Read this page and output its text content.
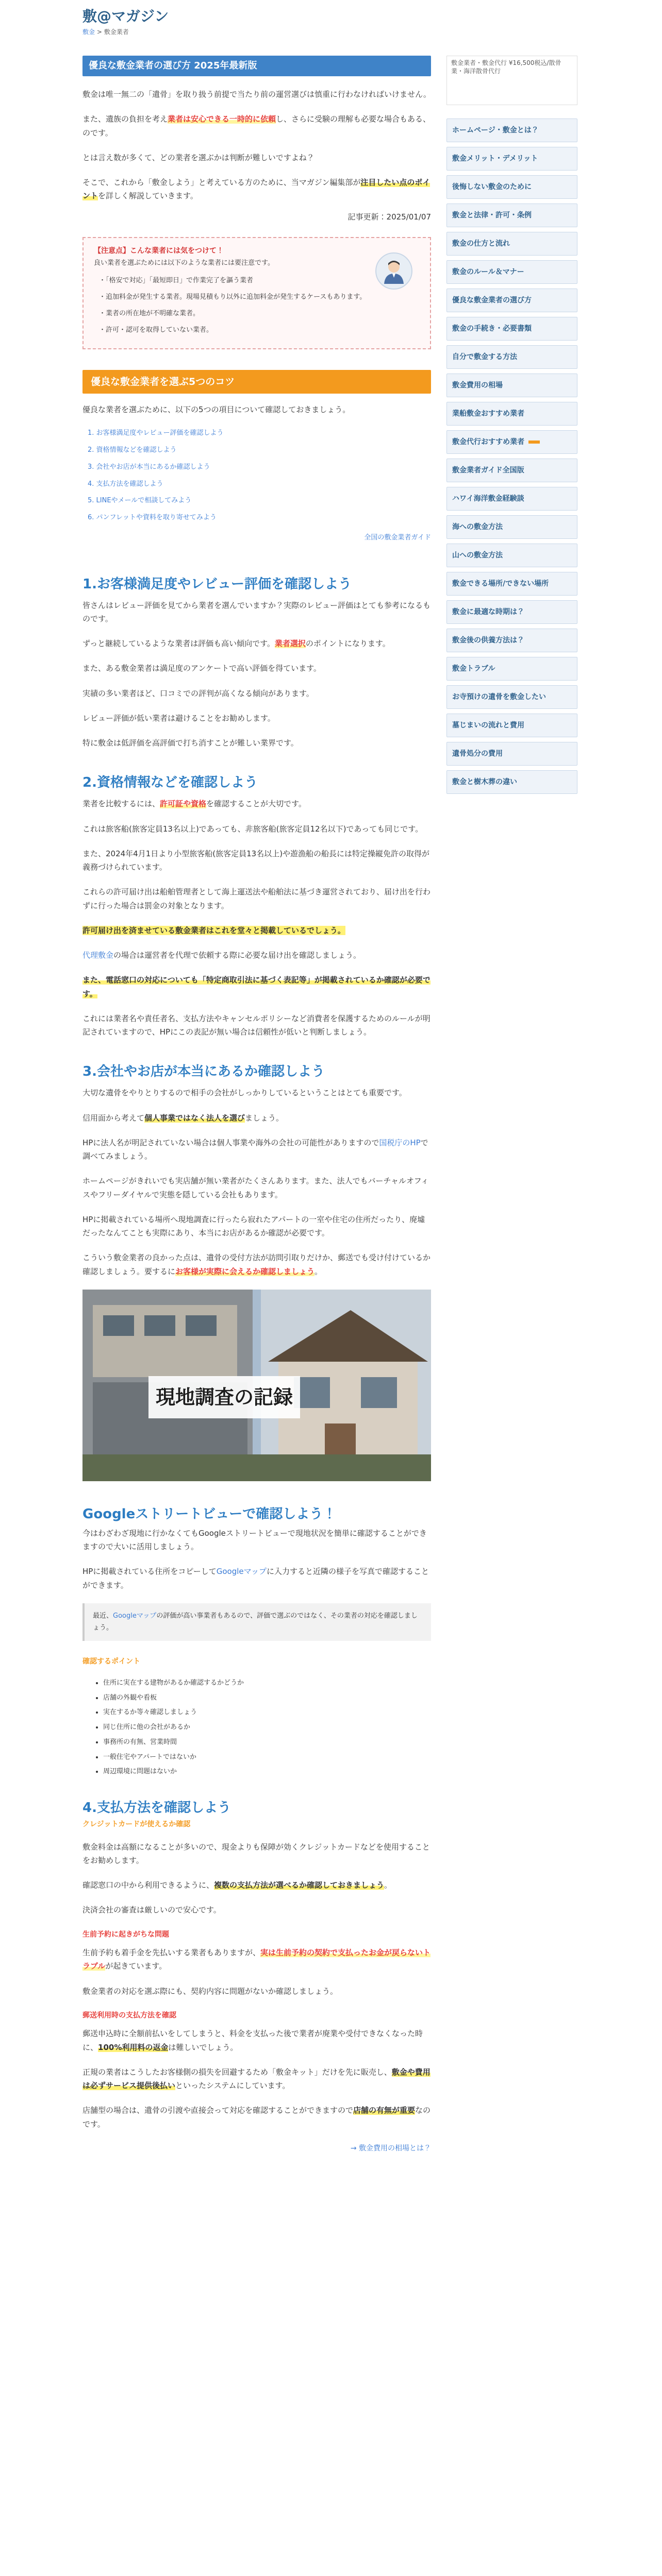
敷@マガジン
敷金 > 敷金業者
優良な敷金業者の選び方 2025年最新版

敷金は唯一無二の「遺骨」を取り扱う前提で当たり前の運営選びは慎重に行わなければいけません。

また、遺族の負担を考え業者は安心できる一時的に依頼し、さらに受験の理解も必要な場合もある、のです。

とは言え数が多くて、どの業者を選ぶかは判断が難しいですよね？

そこで、これから「敷金しよう」と考えている方のために、当マガジン編集部が注目したい点のポイントを詳しく解説していきます。

記事更新：2025/01/07
【注意点】こんな業者には気をつけて！
良い業者を選ぶためには以下のような業者には要注意です。
・「格安で対応」「最短即日」で作業完了を謳う業者
・追加料金が発生する業者。現場見積もり以外に追加料金が発生するケースもあります。
・業者の所在地が不明確な業者。
・許可・認可を取得していない業者。
優良な敷金業者を選ぶ5つのコツ

優良な業者を選ぶために、以下の5つの項目について確認しておきましょう。

1. お客様満足度やレビュー評価を確認しよう
2. 資格情報などを確認しよう
3. 会社やお店が本当にあるか確認しよう
4. 支払方法を確認しよう
5. LINEやメールで相談してみよう
6. パンフレットや資料を取り寄せてみよう
全国の敷金業者ガイド
1.お客様満足度やレビュー評価を確認しよう

皆さんはレビュー評価を見てから業者を選んでいますか？実際のレビュー評価はとても参考になるものです。

ずっと継続しているような業者は評価も高い傾向です。業者選択のポイントになります。

また、ある敷金業者は満足度のアンケートで高い評価を得ています。

実績の多い業者ほど、口コミでの評判が高くなる傾向があります。

レビュー評価が低い業者は避けることをお勧めします。

特に敷金は低評価を高評価で打ち消すことが難しい業界です。

2.資格情報などを確認しよう

業者を比較するには、許可証や資格を確認することが大切です。

これは旅客船(旅客定員13名以上)であっても、非旅客船(旅客定員12名以下)であっても同じです。

また、2024年4月1日より小型旅客船(旅客定員13名以上)や遊漁船の船長には特定操縦免許の取得が義務づけられています。

これらの許可届け出は船舶管理者として海上運送法や船舶法に基づき運営されており、届け出を行わずに行った場合は罰金の対象となります。

許可届け出を済ませている敷金業者はこれを堂々と掲載しているでしょう。

代理敷金の場合は運営者を代理で依頼する際に必要な届け出を確認しましょう。

また、電話窓口の対応についても「特定商取引法に基づく表記等」が掲載されているか確認が必要です。

これには業者名や責任者名、支払方法やキャンセルポリシーなど消費者を保護するためのルールが明記されていますので、HPにこの表記が無い場合は信頼性が低いと判断しましょう。

3.会社やお店が本当にあるか確認しよう

大切な遺骨をやりとりするので相手の会社がしっかりしているということはとても重要です。

信用面から考えて個人事業ではなく法人を選びましょう。

HPに法人名が明記されていない場合は個人事業や海外の会社の可能性がありますので国税庁のHPで調べてみましょう。

ホームページがきれいでも実店舗が無い業者がたくさんあります。また、法人でもバーチャルオフィスやフリーダイヤルで実態を隠している会社もあります。

HPに掲載されている場所へ現地調査に行ったら寂れたアパートの一室や住宅の住所だったり、廃墟だったなんてことも実際にあり、本当にお店があるか確認が必要です。

こういう敷金業者の良かった点は、遺骨の受付方法が訪問引取りだけか、郵送でも受け付けているか確認しましょう。要するにお客様が実際に会えるか確認しましょう。

現地調査の記録
Googleストリートビューで確認しよう！

今はわざわざ現地に行かなくてもGoogleストリートビューで現地状況を簡単に確認することができますので大いに活用しましょう。

HPに掲載されている住所をコピーしてGoogleマップに入力すると近隣の様子を写真で確認することができます。

最近、Googleマップの評価が高い事業者もあるので、評価で選ぶのではなく、その業者の対応を確認しましょう。
確認するポイント
• 住所に実在する建物があるか確認するかどうか
• 店舗の外観や看板
• 実在するか等々確認しましょう
• 同じ住所に他の会社があるか
• 事務所の有無、営業時間
• 一般住宅やアパートではないか
• 周辺環境に問題はないか
4.支払方法を確認しよう
クレジットカードが使えるか確認

敷金料金は高額になることが多いので、現金よりも保障が効くクレジットカードなどを使用することをお勧めします。

確認窓口の中から利用できるように、複数の支払方法が選べるか確認しておきましょう。

決済会社の審査は厳しいので安心です。

生前予約に起きがちな問題

生前予約も着手金を先払いする業者もありますが、実は生前予約の契約で支払ったお金が戻らないトラブルが起きています。

敷金業者の対応を選ぶ際にも、契約内容に問題がないか確認しましょう。

郵送利用時の支払方法を確認

郵送申込時に全額前払いをしてしまうと、料金を支払った後で業者が廃業や受付できなくなった時に、100%利用料の返金は難しいでしょう。

正規の業者はこうしたお客様側の損失を回避するため「敷金キット」だけを先に販売し、敷金や費用は必ずサービス提供後払いといったシステムにしています。

店舗型の場合は、遺骨の引渡や直接会って対応を確認することができますので店舗の有無が重要なのです。

→ 敷金費用の相場とは？
敷金業者・敷金代行 ¥16,500税込/散骨業・海洋散骨代行
ホームページ・敷金とは？
敷金メリット・デメリット
後悔しない敷金のために
敷金と法律・許可・条例
敷金の仕方と流れ
敷金のルール＆マナー
優良な敷金業者の選び方
敷金の手続き・必要書類
自分で敷金する方法
敷金費用の相場
業船敷金おすすめ業者
敷金代行おすすめ業者
敷金業者ガイド全国版
ハワイ海洋敷金経験談
海への敷金方法
山への敷金方法
敷金できる場所/できない場所
敷金に最適な時期は？
敷金後の供養方法は？
敷金トラブル
お寺預けの遺骨を敷金したい
墓じまいの流れと費用
遺骨処分の費用
敷金と樹木葬の違い
